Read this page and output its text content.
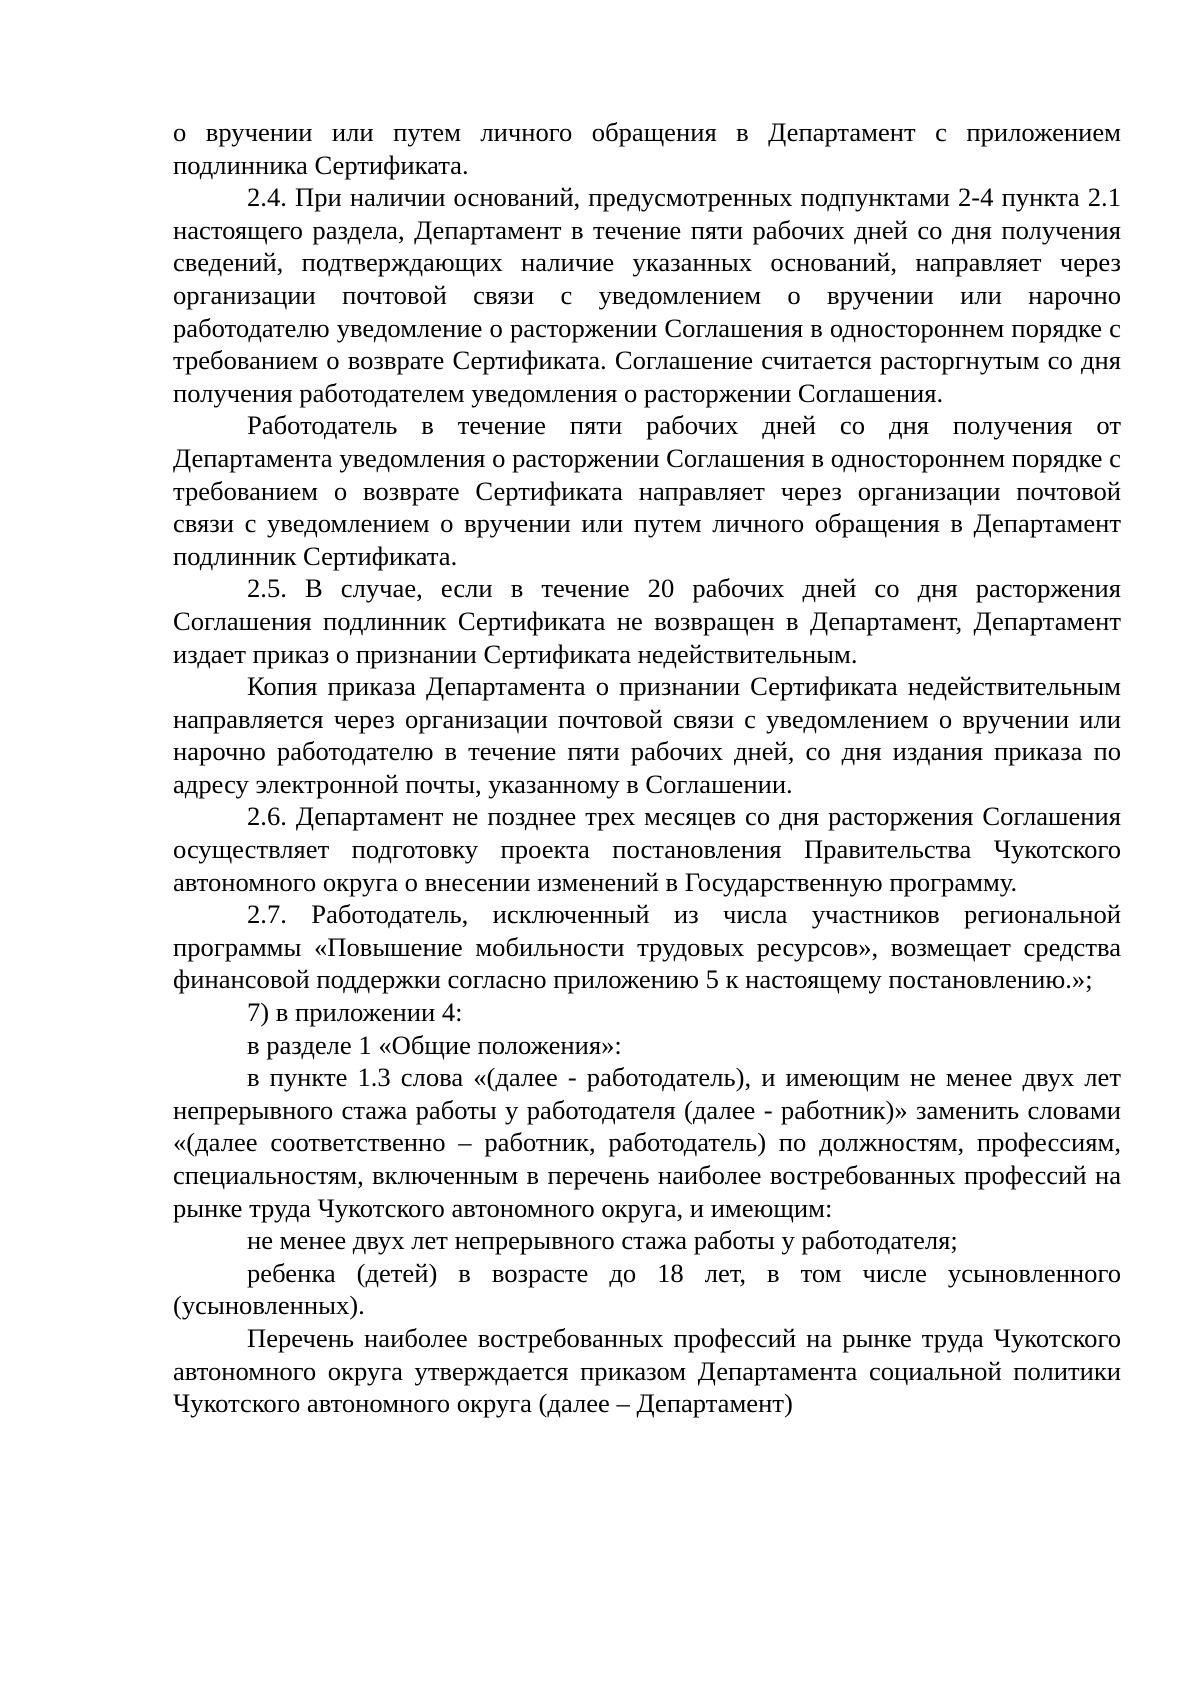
о вручении или путем личного обращения в Департамент с приложением подлинника Сертификата.

2.4. При наличии оснований, предусмотренных подпунктами 2-4 пункта 2.1 настоящего раздела, Департамент в течение пяти рабочих дней со дня получения сведений, подтверждающих наличие указанных оснований, направляет через организации почтовой связи с уведомлением о вручении или нарочно работодателю уведомление о расторжении Соглашения в одностороннем порядке с требованием о возврате Сертификата. Соглашение считается расторгнутым со дня получения работодателем уведомления о расторжении Соглашения.

Работодатель в течение пяти рабочих дней со дня получения от Департамента уведомления о расторжении Соглашения в одностороннем порядке с требованием о возврате Сертификата направляет через организации почтовой связи с уведомлением о вручении или путем личного обращения в Департамент подлинник Сертификата.

2.5. В случае, если в течение 20 рабочих дней со дня расторжения Соглашения подлинник Сертификата не возвращен в Департамент, Департамент издает приказ о признании Сертификата недействительным.

Копия приказа Департамента о признании Сертификата недействительным направляется через организации почтовой связи с уведомлением о вручении или нарочно работодателю в течение пяти рабочих дней, со дня издания приказа по адресу электронной почты, указанному в Соглашении.

2.6. Департамент не позднее трех месяцев со дня расторжения Соглашения осуществляет подготовку проекта постановления Правительства Чукотского автономного округа о внесении изменений в Государственную программу.

2.7. Работодатель, исключенный из числа участников региональной программы «Повышение мобильности трудовых ресурсов», возмещает средства финансовой поддержки согласно приложению 5 к настоящему постановлению.»;

7) в приложении 4:

в разделе 1 «Общие положения»:

в пункте 1.3 слова «(далее - работодатель), и имеющим не менее двух лет непрерывного стажа работы у работодателя (далее - работник)» заменить словами «(далее соответственно – работник, работодатель) по должностям, профессиям, специальностям, включенным в перечень наиболее востребованных профессий на рынке труда Чукотского автономного округа, и имеющим:

не менее двух лет непрерывного стажа работы у работодателя;

ребенка (детей) в возрасте до 18 лет, в том числе усыновленного (усыновленных).

Перечень наиболее востребованных профессий на рынке труда Чукотского автономного округа утверждается приказом Департамента социальной политики Чукотского автономного округа (далее – Департамент)
